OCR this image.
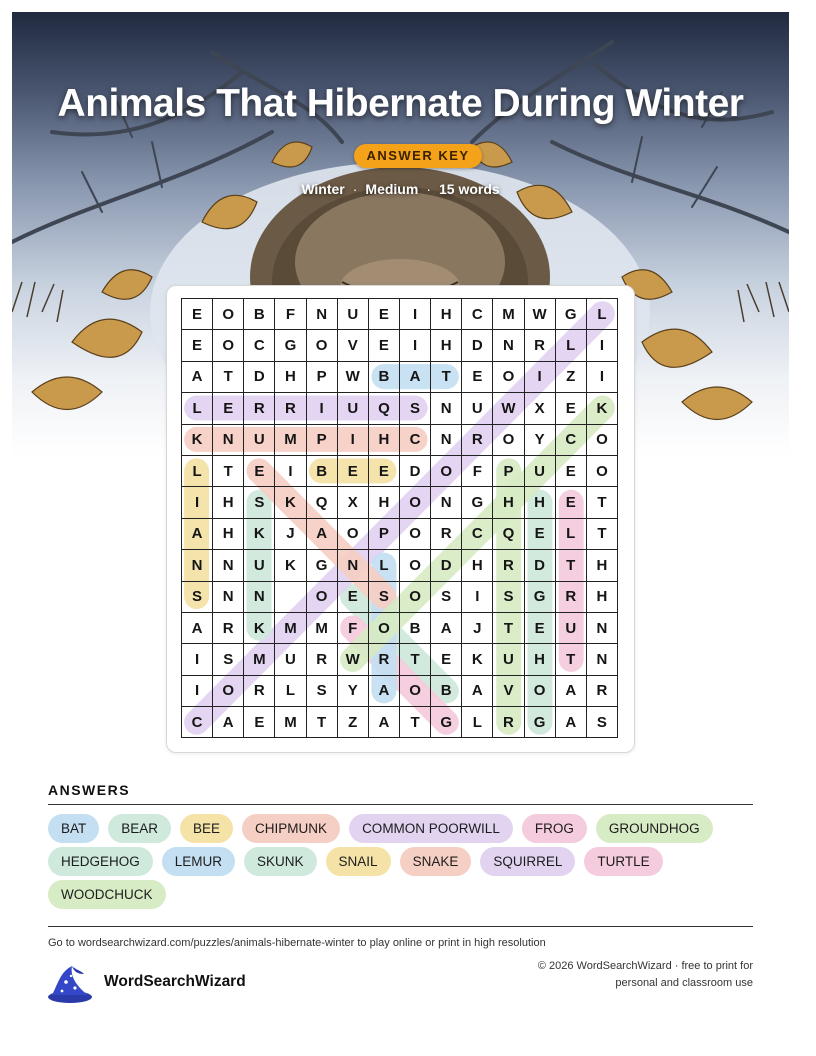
Animals That Hibernate During Winter
ANSWER KEY
Winter · Medium · 15 words
E	O	B	F	N	U	E	I	H	C	M	W	G	L
E	O	C	G	O	V	E	I	H	D	N	R	L	I
A	T	D	H	P	W	B	A	T	E	O	I	Z	I
L	E	R	R	I	U	Q	S	N	U	W	X	E	K
K	N	U	M	P	I	H	C	N	R	O	Y	C	O
L	T	E	I	B	E	E	D	O	F	P	U	E	O
I	H	S	K	Q	X	H	O	N	G	H	H	E	T
A	H	K	J	A	O	P	O	R	C	Q	E	L	T
N	N	U	K	G	N	L	O	D	H	R	D	T	H
S	N	N		O	E	S	O	S	I	S	G	R	H
A	R	K	M	M	F	O	B	A	J	T	E	U	N
I	S	M	U	R	W	R	T	E	K	U	H	T	N
I	O	R	L	S	Y	A	O	B	A	V	O	A	R
C	A	E	M	T	Z	A	T	G	L	R	G	A	S
ANSWERS
BAT	BEAR	BEE	CHIPMUNK	COMMON POORWILL	FROG	GROUNDHOG
HEDGEHOG	LEMUR	SKUNK	SNAIL	SNAKE	SQUIRREL	TURTLE
WOODCHUCK
Go to wordsearchwizard.com/puzzles/animals-hibernate-winter to play online or print in high resolution
WordSearchWizard
© 2026 WordSearchWizard · free to print for personal and classroom use
